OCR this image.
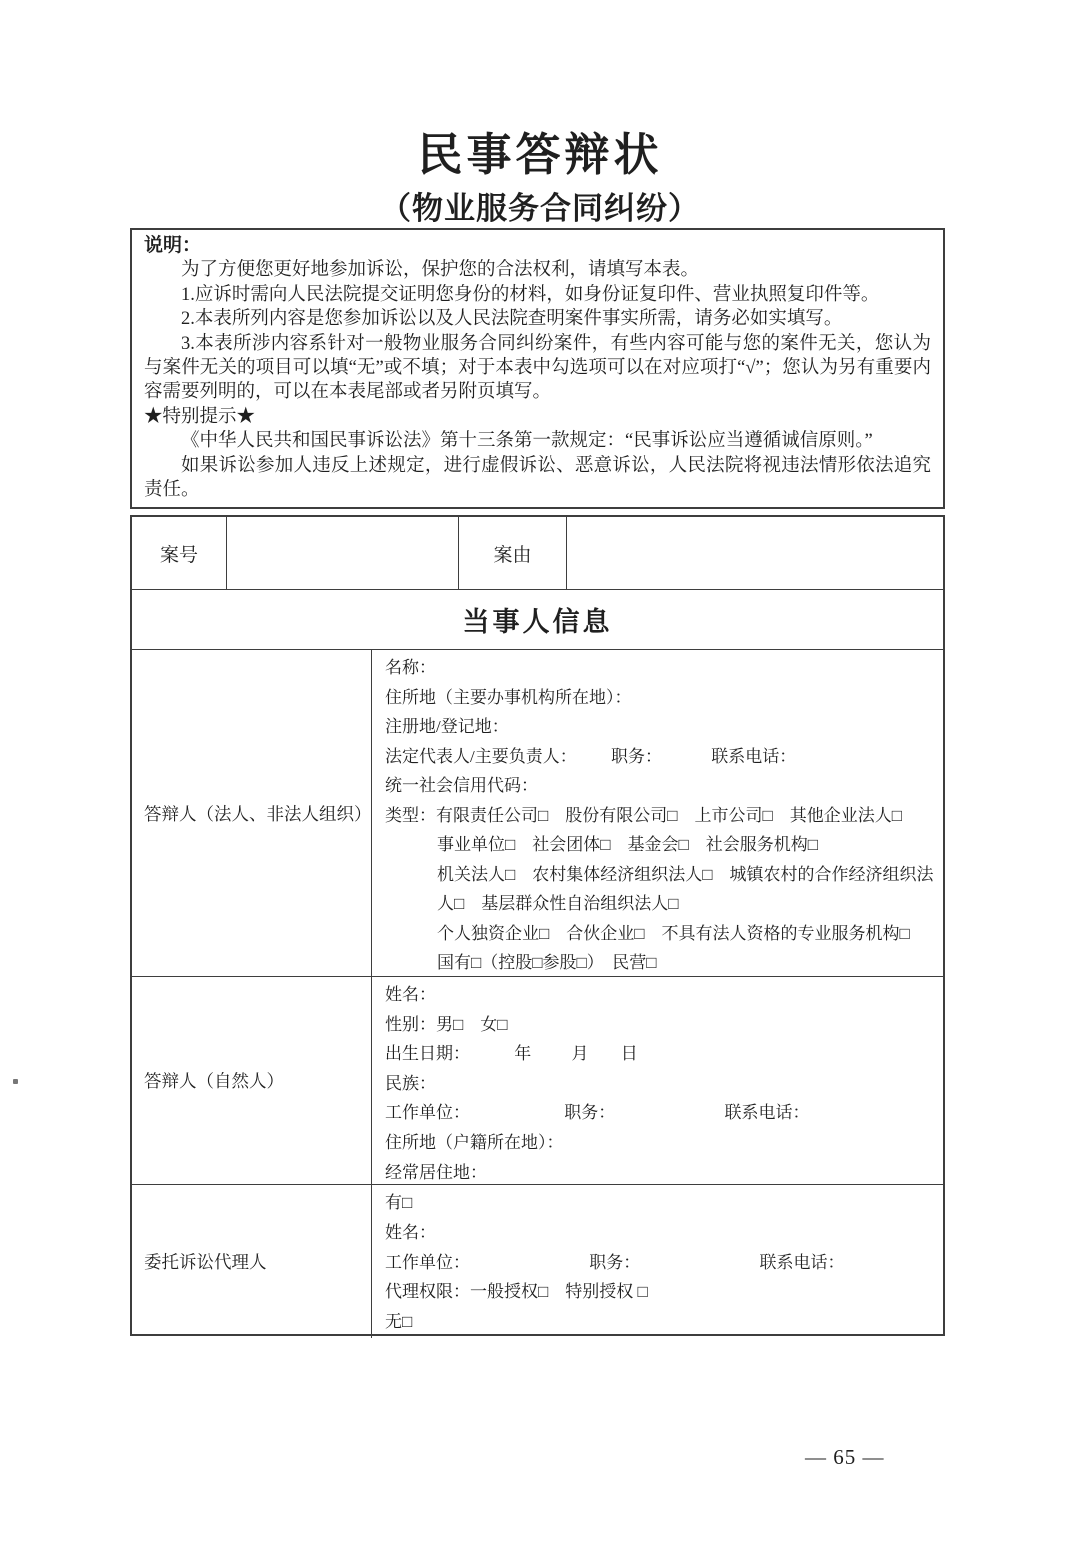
民事答辩状
（物业服务合同纠纷）
说明：

为了方便您更好地参加诉讼，保护您的合法权利，请填写本表。

1.应诉时需向人民法院提交证明您身份的材料，如身份证复印件、营业执照复印件等。

2.本表所列内容是您参加诉讼以及人民法院查明案件事实所需，请务必如实填写。

3.本表所涉内容系针对一般物业服务合同纠纷案件，有些内容可能与您的案件无关，您认为与案件无关的项目可以填“无”或不填；对于本表中勾选项可以在对应项打“√”；您认为另有重要内容需要列明的，可以在本表尾部或者另附页填写。

★特别提示★

《中华人民共和国民事诉讼法》第十三条第一款规定：“民事诉讼应当遵循诚信原则。”

如果诉讼参加人违反上述规定，进行虚假诉讼、恶意诉讼，人民法院将视违法情形依法追究责任。

案号	案由
当事人信息
答辩人（法人、非法人组织）
名称：
住所地（主要办事机构所在地）：
注册地/登记地：
法定代表人/主要负责人： 职务：	联系电话：
统一社会信用代码：
类型：有限责任公司□　股份有限公司□　上市公司□　其他企业法人□
事业单位□　社会团体□　基金会□　社会服务机构□
机关法人□　农村集体经济组织法人□　城镇农村的合作经济组织法
人□　基层群众性自治组织法人□
个人独资企业□　合伙企业□　不具有法人资格的专业服务机构□
国有□（控股□参股□）　民营□
答辩人（自然人）
姓名：
性别：男□　女□
出生日期：	年 月 日
民族：
工作单位：	职务：	联系电话：
住所地（户籍所在地）：
经常居住地：
委托诉讼代理人
有□
姓名：
工作单位：	职务：	联系电话：
代理权限：一般授权□　特别授权 □
无□
— 65 —
